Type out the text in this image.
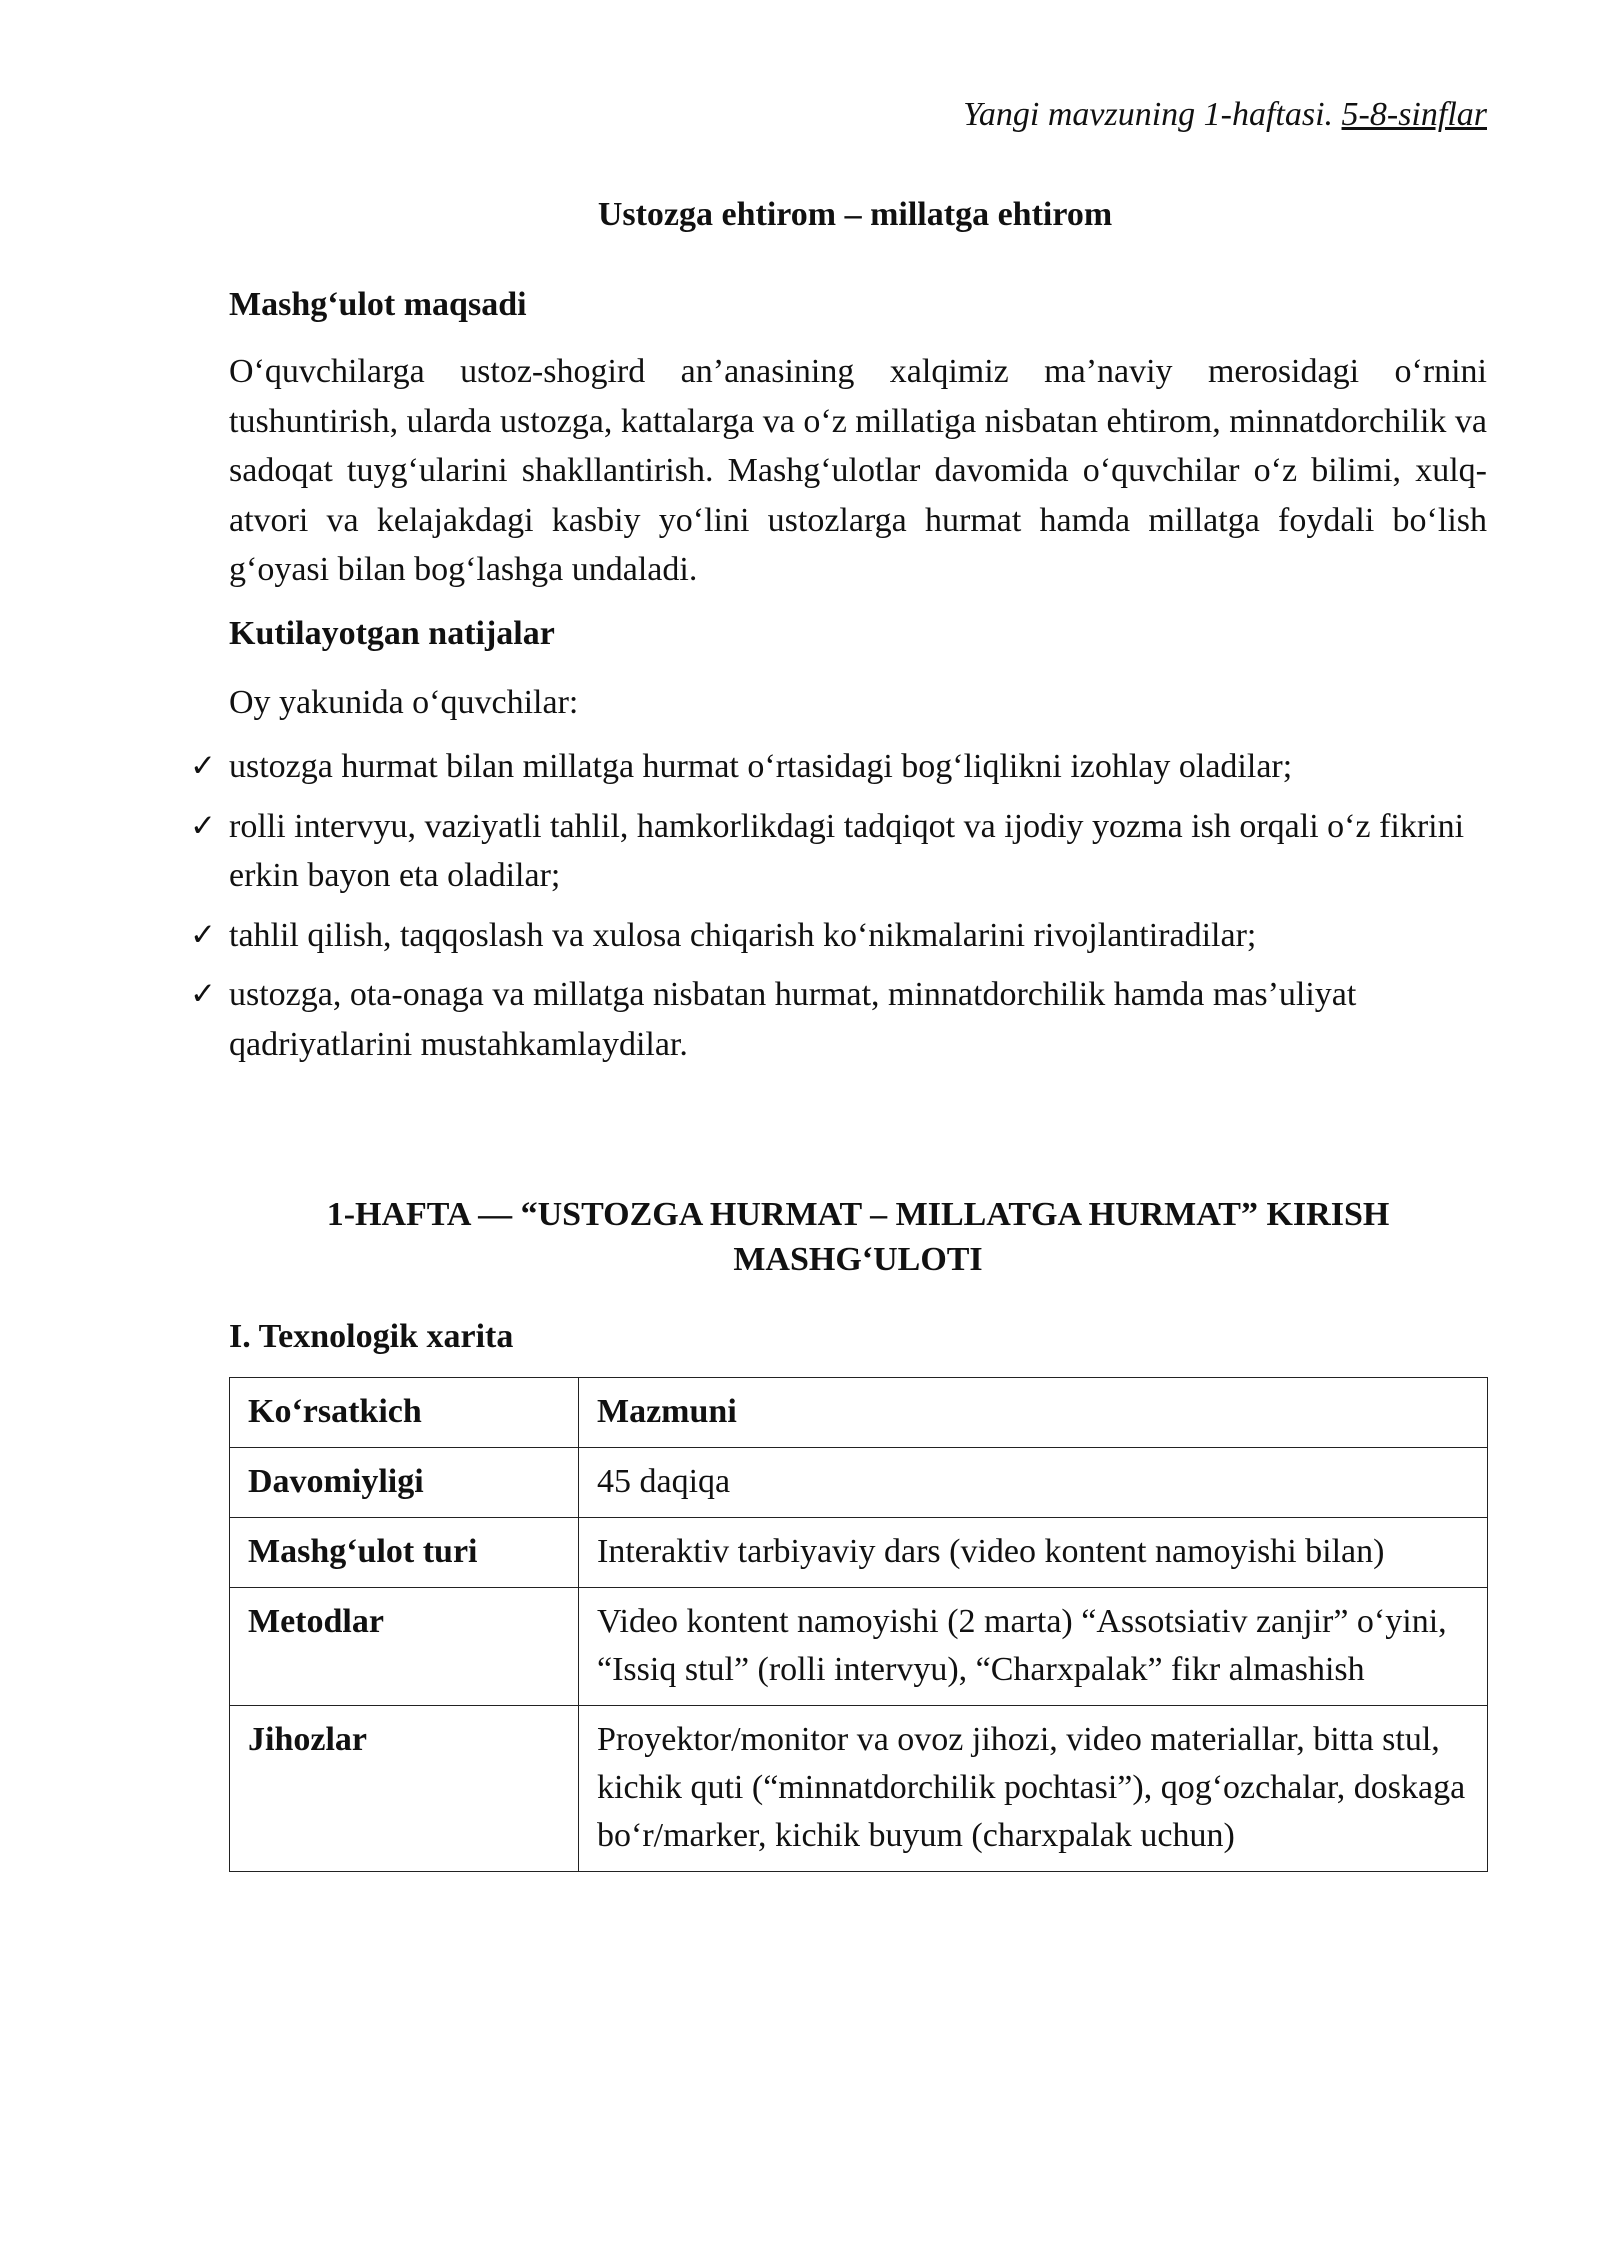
Yangi mavzuning 1-haftasi. 5-8-sinflar
Ustozga ehtirom – millatga ehtirom
Mashg‘ulot maqsadi
O‘quvchilarga ustoz-shogird an’anasining xalqimiz ma’naviy merosidagi o‘rnini tushuntirish, ularda ustozga, kattalarga va o‘z millatiga nisbatan ehtirom, minnatdorchilik va sadoqat tuyg‘ularini shakllantirish. Mashg‘ulotlar davomida o‘quvchilar o‘z bilimi, xulq-atvori va kelajakdagi kasbiy yo‘lini ustozlarga hurmat hamda millatga foydali bo‘lish g‘oyasi bilan bog‘lashga undaladi.
Kutilayotgan natijalar
Oy yakunida o‘quvchilar:
✓ ustozga hurmat bilan millatga hurmat o‘rtasidagi bog‘liqlikni izohlay oladilar;
✓ rolli intervyu, vaziyatli tahlil, hamkorlikdagi tadqiqot va ijodiy yozma ish orqali o‘z fikrini erkin bayon eta oladilar;
✓ tahlil qilish, taqqoslash va xulosa chiqarish ko‘nikmalarini rivojlantiradilar;
✓ ustozga, ota-onaga va millatga nisbatan hurmat, minnatdorchilik hamda mas’uliyat qadriyatlarini mustahkamlaydilar.
1-HAFTA — “USTOZGA HURMAT – MILLATGA HURMAT” KIRISH MASHG‘ULOTI
I. Texnologik xarita
Ko‘rsatkich	Mazmuni
Davomiyligi	45 daqiqa
Mashg‘ulot turi	Interaktiv tarbiyaviy dars (video kontent namoyishi bilan)
Metodlar	Video kontent namoyishi (2 marta) “Assotsiativ zanjir” o‘yini, “Issiq stul” (rolli intervyu), “Charxpalak” fikr almashish
Jihozlar	Proyektor/monitor va ovoz jihozi, video materiallar, bitta stul, kichik quti (“minnatdorchilik pochtasi”), qog‘ozchalar, doskaga bo‘r/marker, kichik buyum (charxpalak uchun)
